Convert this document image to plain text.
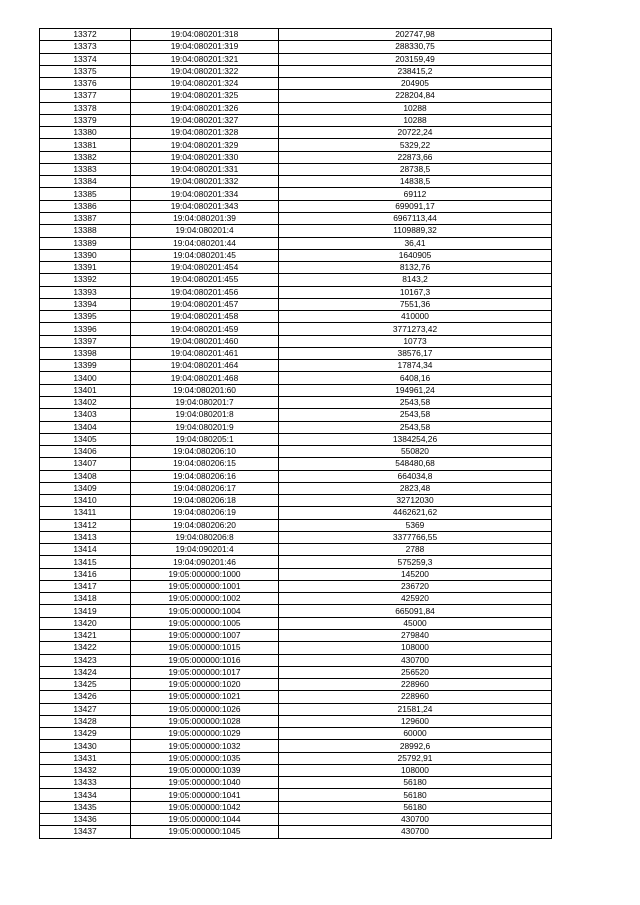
13372	19:04:080201:318	202747,98
13373	19:04:080201:319	288330,75
13374	19:04:080201:321	203159,49
13375	19:04:080201:322	238415,2
13376	19:04:080201:324	204905
13377	19:04:080201:325	228204,84
13378	19:04:080201:326	10288
13379	19:04:080201:327	10288
13380	19:04:080201:328	20722,24
13381	19:04:080201:329	5329,22
13382	19:04:080201:330	22873,66
13383	19:04:080201:331	28738,5
13384	19:04:080201:332	14838,5
13385	19:04:080201:334	69112
13386	19:04:080201:343	699091,17
13387	19:04:080201:39	6967113,44
13388	19:04:080201:4	1109889,32
13389	19:04:080201:44	36,41
13390	19:04:080201:45	1640905
13391	19:04:080201:454	8132,76
13392	19:04:080201:455	8143,2
13393	19:04:080201:456	10167,3
13394	19:04:080201:457	7551,36
13395	19:04:080201:458	410000
13396	19:04:080201:459	3771273,42
13397	19:04:080201:460	10773
13398	19:04:080201:461	38576,17
13399	19:04:080201:464	17874,34
13400	19:04:080201:468	6408,16
13401	19:04:080201:60	194961,24
13402	19:04:080201:7	2543,58
13403	19:04:080201:8	2543,58
13404	19:04:080201:9	2543,58
13405	19:04:080205:1	1384254,26
13406	19:04:080206:10	550820
13407	19:04:080206:15	548480,68
13408	19:04:080206:16	664034,8
13409	19:04:080206:17	2823,48
13410	19:04:080206:18	32712030
13411	19:04:080206:19	4462621,62
13412	19:04:080206:20	5369
13413	19:04:080206:8	3377766,55
13414	19:04:090201:4	2788
13415	19:04:090201:46	575259,3
13416	19:05:000000:1000	145200
13417	19:05:000000:1001	236720
13418	19:05:000000:1002	425920
13419	19:05:000000:1004	665091,84
13420	19:05:000000:1005	45000
13421	19:05:000000:1007	279840
13422	19:05:000000:1015	108000
13423	19:05:000000:1016	430700
13424	19:05:000000:1017	256520
13425	19:05:000000:1020	228960
13426	19:05:000000:1021	228960
13427	19:05:000000:1026	21581,24
13428	19:05:000000:1028	129600
13429	19:05:000000:1029	60000
13430	19:05:000000:1032	28992,6
13431	19:05:000000:1035	25792,91
13432	19:05:000000:1039	108000
13433	19:05:000000:1040	56180
13434	19:05:000000:1041	56180
13435	19:05:000000:1042	56180
13436	19:05:000000:1044	430700
13437	19:05:000000:1045	430700
